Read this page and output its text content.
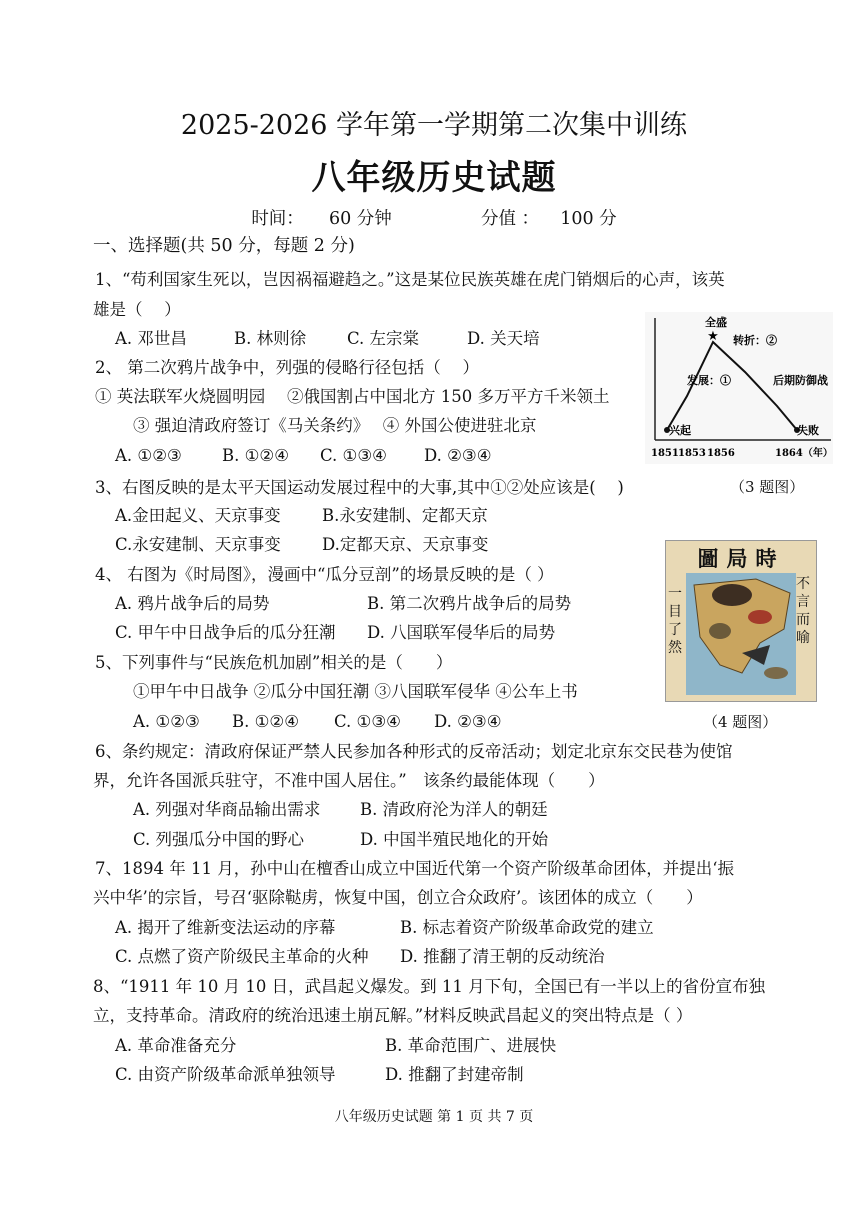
2025-2026 学年第一学期第二次集中训练
八年级历史试题
时间： 60 分钟	分值 ： 100 分
一、选择题(共 50 分，每题 2 分)
1、“苟利国家生死以，岂因祸福避趋之。”这是某位民族英雄在虎门销烟后的心声，该英
雄是（　 ）
A. 邓世昌	B. 林则徐 C. 左宗棠	D. 关天培
2、 第二次鸦片战争中，列强的侵略行径包括（　 ）
① 英法联军火烧圆明园　 ②俄国割占中国北方 150 多万平方千米领土
③ 强迫清政府签订《马关条约》　 ④ 外国公使进驻北京
A. ①②③ B. ①②④ C. ①③④ D. ②③④
★
全盛
转折：②
发展：①	后期防御战
兴起	失败
1851 1853 1856	1864（年）
（3 题图）
3、右图反映的是太平天国运动发展过程中的大事,其中①②处应该是(　 )
A.金田起义、天京事变	B.永安建制、定都天京
C.永安建制、天京事变 D.定都天京、天京事变
圖局時
一目了然
不言而喻
（4 题图）
4、 右图为《时局图》，漫画中“瓜分豆剖”的场景反映的是（ ）
A. 鸦片战争后的局势	B. 第二次鸦片战争后的局势
C. 甲午中日战争后的瓜分狂潮 D. 八国联军侵华后的局势
5、下列事件与“民族危机加剧”相关的是（　　）
①甲午中日战争 ②瓜分中国狂潮 ③八国联军侵华 ④公车上书
A. ①②③ B. ①②④ C. ①③④ D. ②③④
6、条约规定：清政府保证严禁人民参加各种形式的反帝活动；划定北京东交民巷为使馆
界，允许各国派兵驻守，不准中国人居住。”　该条约最能体现（　　）
A. 列强对华商品输出需求 B. 清政府沦为洋人的朝廷
C. 列强瓜分中国的野心	D. 中国半殖民地化的开始
7、1894 年 11 月，孙中山在檀香山成立中国近代第一个资产阶级革命团体，并提出‘振
兴中华’的宗旨，号召‘驱除鞑虏，恢复中国，创立合众政府’。该团体的成立（　　）
A. 揭开了维新变法运动的序幕	B. 标志着资产阶级革命政党的建立
C. 点燃了资产阶级民主革命的火种 D. 推翻了清王朝的反动统治
8、“1911 年 10 月 10 日，武昌起义爆发。到 11 月下旬，全国已有一半以上的省份宣布独
立，支持革命。清政府的统治迅速土崩瓦解。”材料反映武昌起义的突出特点是（ ）
A. 革命准备充分	B. 革命范围广、进展快
C. 由资产阶级革命派单独领导	D. 推翻了封建帝制
八年级历史试题 第 1 页 共 7 页
